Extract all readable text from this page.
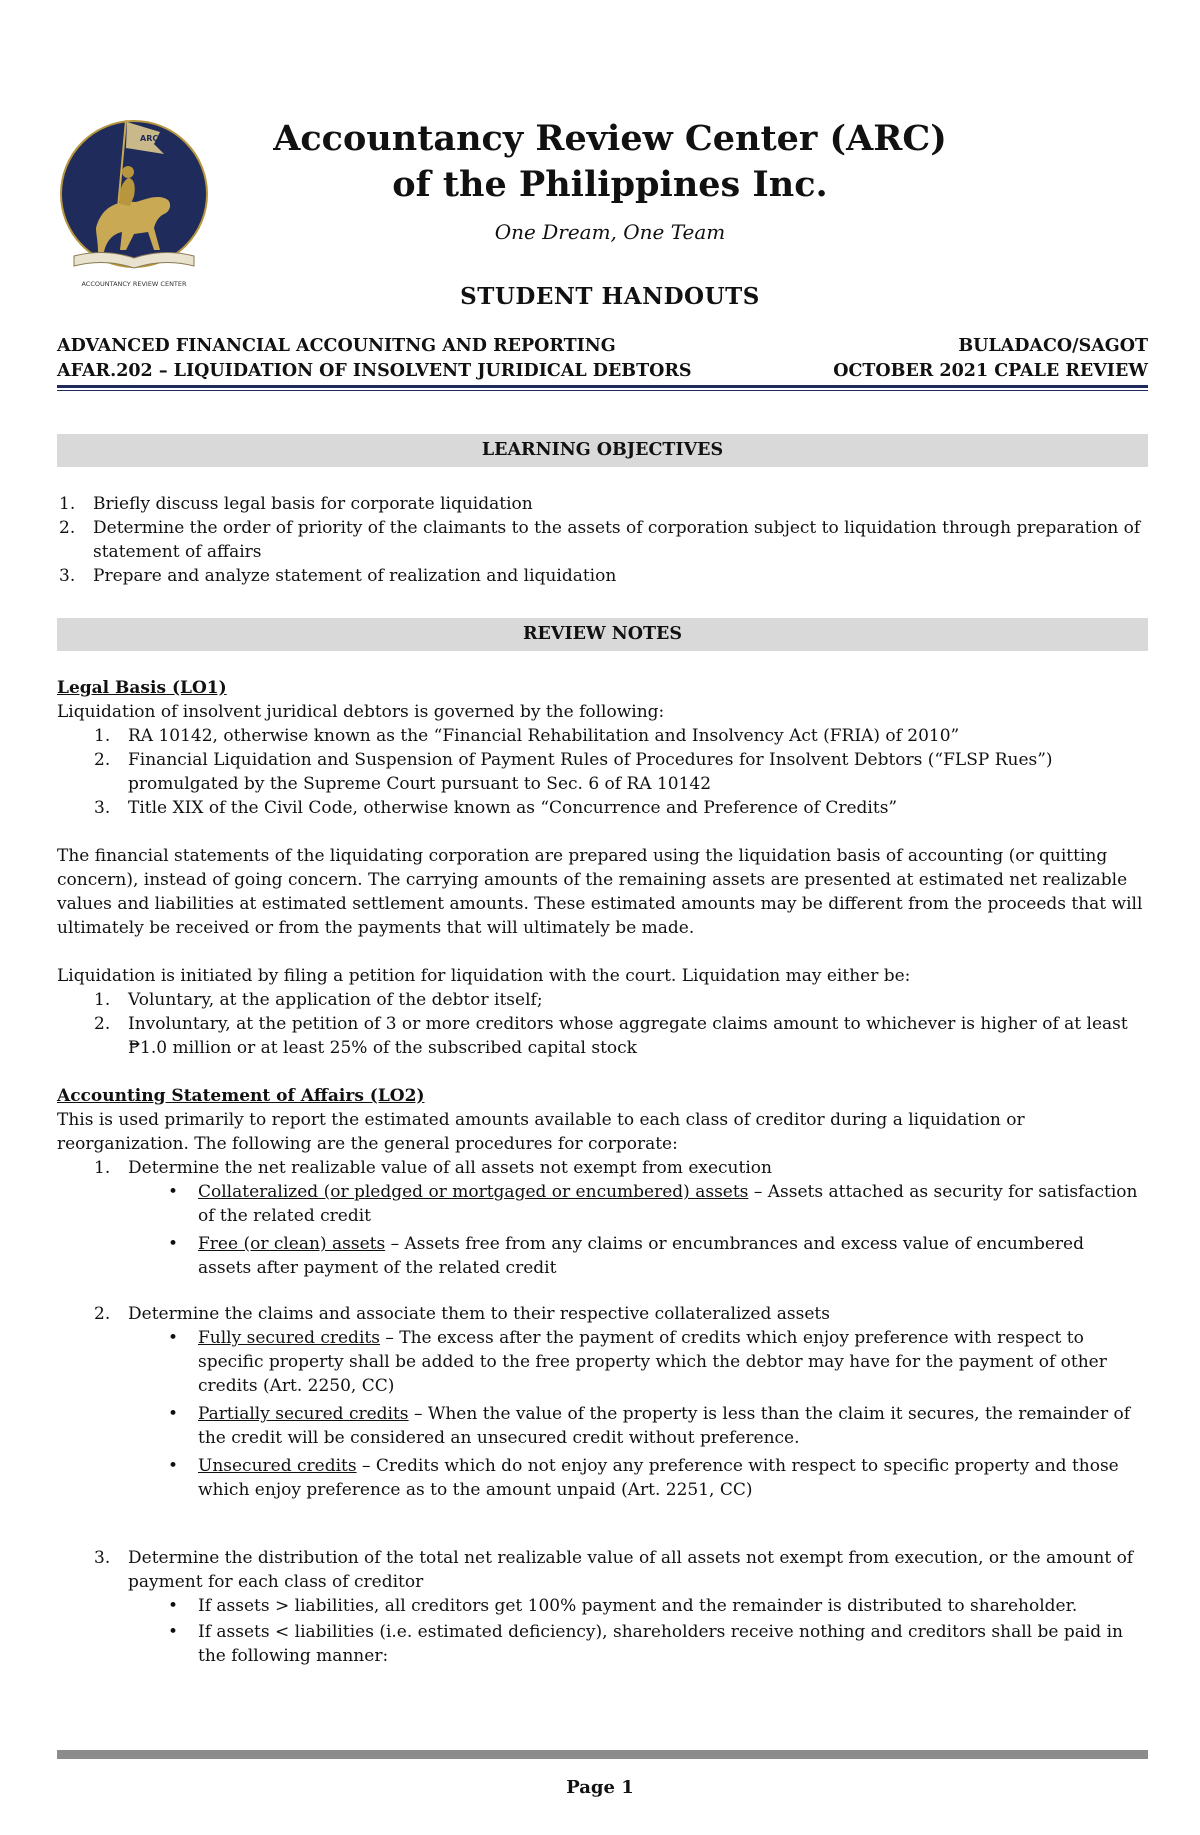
ARC
ACCOUNTANCY REVIEW CENTER
Accountancy Review Center (ARC)
of the Philippines Inc.
One Dream, One Team
STUDENT HANDOUTS
ADVANCED FINANCIAL ACCOUNITNG AND REPORTING
AFAR.202 – LIQUIDATION OF INSOLVENT JURIDICAL DEBTORS
BULADACO/SAGOT
OCTOBER 2021 CPALE REVIEW
LEARNING OBJECTIVES
1.	Briefly discuss legal basis for corporate liquidation
2.	Determine the order of priority of the claimants to the assets of corporation subject to liquidation through preparation of statement of affairs
3.	Prepare and analyze statement of realization and liquidation
REVIEW NOTES
Legal Basis (LO1)
Liquidation of insolvent juridical debtors is governed by the following:
1.	RA 10142, otherwise known as the “Financial Rehabilitation and Insolvency Act (FRIA) of 2010”
2.	Financial Liquidation and Suspension of Payment Rules of Procedures for Insolvent Debtors (“FLSP Rues”) promulgated by the Supreme Court pursuant to Sec. 6 of RA 10142
3.	Title XIX of the Civil Code, otherwise known as “Concurrence and Preference of Credits”
The financial statements of the liquidating corporation are prepared using the liquidation basis of accounting (or quitting concern), instead of going concern. The carrying amounts of the remaining assets are presented at estimated net realizable values and liabilities at estimated settlement amounts. These estimated amounts may be different from the proceeds that will ultimately be received or from the payments that will ultimately be made.
Liquidation is initiated by filing a petition for liquidation with the court. Liquidation may either be:
1.	Voluntary, at the application of the debtor itself;
2.	Involuntary, at the petition of 3 or more creditors whose aggregate claims amount to whichever is higher of at least ₱1.0 million or at least 25% of the subscribed capital stock
Accounting Statement of Affairs (LO2)
This is used primarily to report the estimated amounts available to each class of creditor during a liquidation or reorganization. The following are the general procedures for corporate:
1.	Determine the net realizable value of all assets not exempt from execution
• Collateralized (or pledged or mortgaged or encumbered) assets – Assets attached as security for satisfaction of the related credit
• Free (or clean) assets – Assets free from any claims or encumbrances and excess value of encumbered assets after payment of the related credit
2.	Determine the claims and associate them to their respective collateralized assets
• Fully secured credits – The excess after the payment of credits which enjoy preference with respect to specific property shall be added to the free property which the debtor may have for the payment of other credits (Art. 2250, CC)
• Partially secured credits – When the value of the property is less than the claim it secures, the remainder of the credit will be considered an unsecured credit without preference.
• Unsecured credits – Credits which do not enjoy any preference with respect to specific property and those which enjoy preference as to the amount unpaid (Art. 2251, CC)
3.	Determine the distribution of the total net realizable value of all assets not exempt from execution, or the amount of payment for each class of creditor
• If assets > liabilities, all creditors get 100% payment and the remainder is distributed to shareholder.
• If assets < liabilities (i.e. estimated deficiency), shareholders receive nothing and creditors shall be paid in the following manner:
Page 1
